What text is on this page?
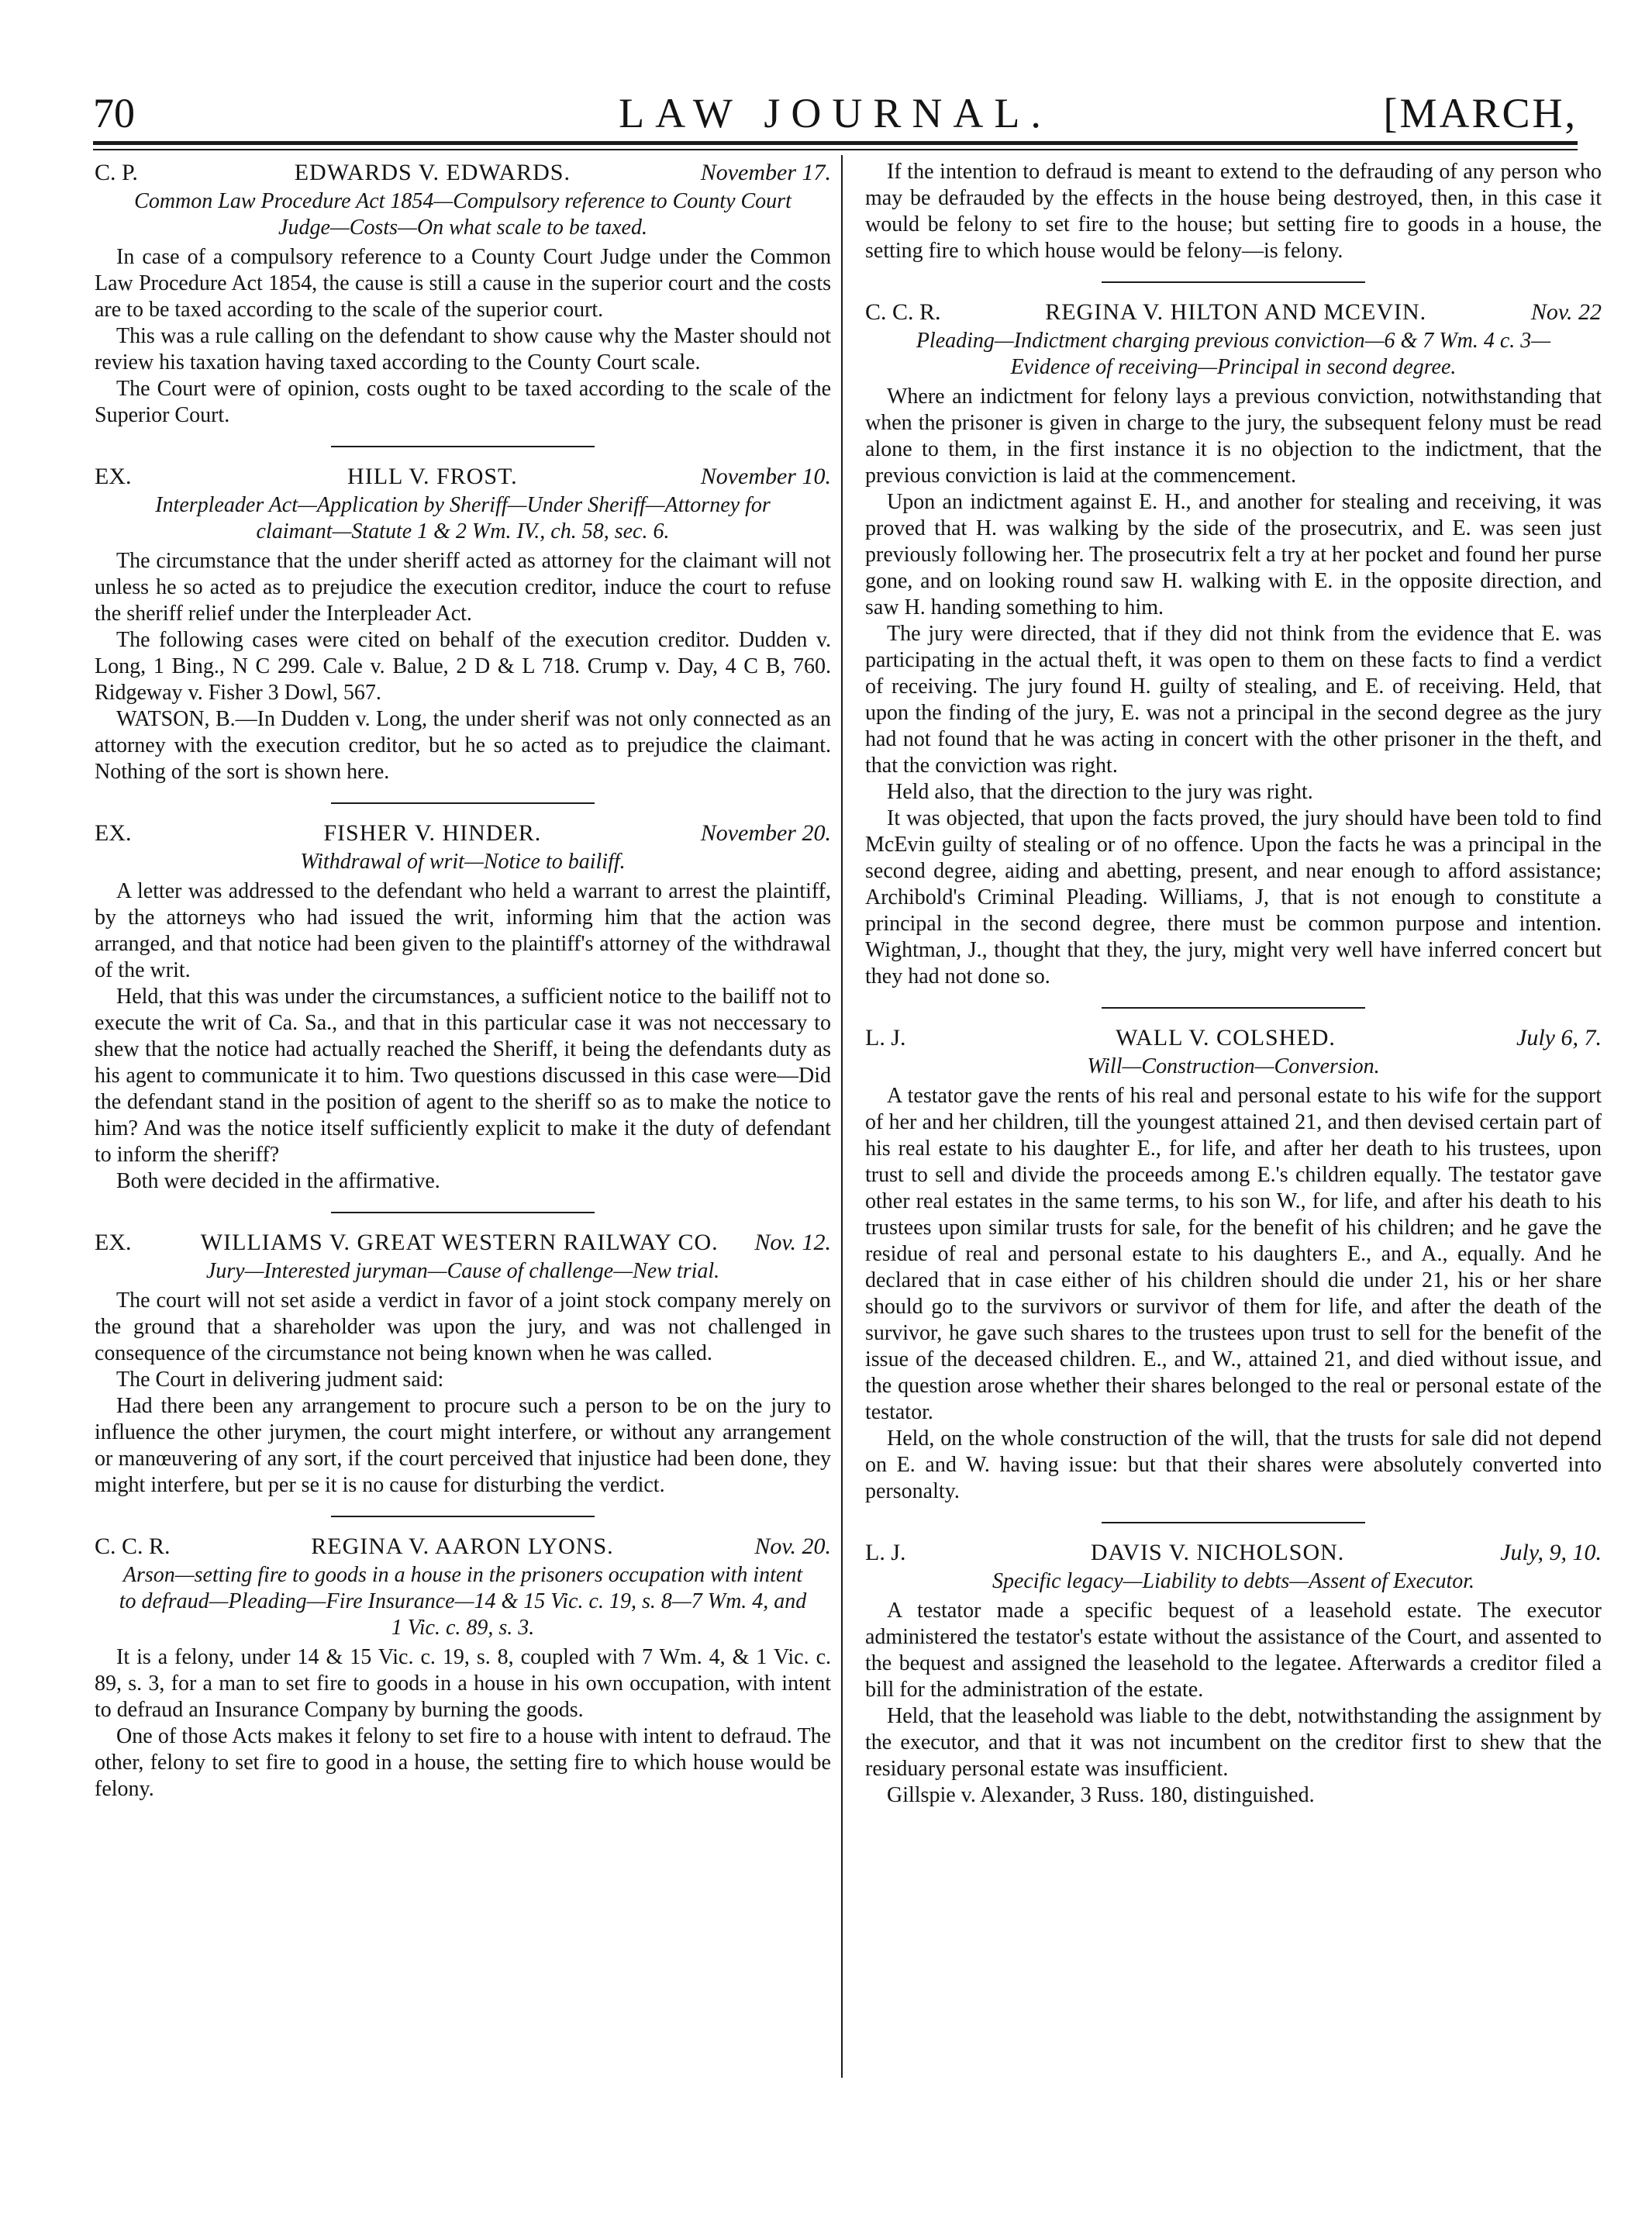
70	LAW JOURNAL.	[MARCH,
C. P.	EDWARDS V. EDWARDS.	November 17.
Common Law Procedure Act 1854—Compulsory reference to County Court Judge—Costs—On what scale to be taxed.

In case of a compulsory reference to a County Court Judge under the Common Law Procedure Act 1854, the cause is still a cause in the superior court and the costs are to be taxed according to the scale of the superior court.

This was a rule calling on the defendant to show cause why the Master should not review his taxation having taxed according to the County Court scale.

The Court were of opinion, costs ought to be taxed according to the scale of the Superior Court.

EX.	HILL V. FROST.	November 10.
Interpleader Act—Application by Sheriff—Under Sheriff—Attorney for claimant—Statute 1 & 2 Wm. IV., ch. 58, sec. 6.

The circumstance that the under sheriff acted as attorney for the claimant will not unless he so acted as to prejudice the execution creditor, induce the court to refuse the sheriff relief under the Interpleader Act.

The following cases were cited on behalf of the execution creditor. Dudden v. Long, 1 Bing., N C 299. Cale v. Balue, 2 D & L 718. Crump v. Day, 4 C B, 760. Ridgeway v. Fisher 3 Dowl, 567.

WATSON, B.—In Dudden v. Long, the under sherif was not only connected as an attorney with the execution creditor, but he so acted as to prejudice the claimant. Nothing of the sort is shown here.

EX.	FISHER V. HINDER.	November 20.
Withdrawal of writ—Notice to bailiff.

A letter was addressed to the defendant who held a warrant to arrest the plaintiff, by the attorneys who had issued the writ, informing him that the action was arranged, and that notice had been given to the plaintiff's attorney of the withdrawal of the writ.

Held, that this was under the circumstances, a sufficient notice to the bailiff not to execute the writ of Ca. Sa., and that in this particular case it was not neccessary to shew that the notice had actually reached the Sheriff, it being the defendants duty as his agent to communicate it to him. Two questions discussed in this case were—Did the defendant stand in the position of agent to the sheriff so as to make the notice to him? And was the notice itself sufficiently explicit to make it the duty of defendant to inform the sheriff?

Both were decided in the affirmative.

EX.	WILLIAMS V. GREAT WESTERN RAILWAY CO. Nov. 12.
Jury—Interested juryman—Cause of challenge—New trial.

The court will not set aside a verdict in favor of a joint stock company merely on the ground that a shareholder was upon the jury, and was not challenged in consequence of the circumstance not being known when he was called.

The Court in delivering judment said:

Had there been any arrangement to procure such a person to be on the jury to influence the other jurymen, the court might interfere, or without any arrangement or manœuvering of any sort, if the court perceived that injustice had been done, they might interfere, but per se it is no cause for disturbing the verdict.

C. C. R.	REGINA V. AARON LYONS.	Nov. 20.
Arson—setting fire to goods in a house in the prisoners occupation with intent to defraud—Pleading—Fire Insurance—14 & 15 Vic. c. 19, s. 8—7 Wm. 4, and 1 Vic. c. 89, s. 3.

It is a felony, under 14 & 15 Vic. c. 19, s. 8, coupled with 7 Wm. 4, & 1 Vic. c. 89, s. 3, for a man to set fire to goods in a house in his own occupation, with intent to defraud an Insurance Company by burning the goods.

One of those Acts makes it felony to set fire to a house with intent to defraud. The other, felony to set fire to good in a house, the setting fire to which house would be felony.

If the intention to defraud is meant to extend to the defrauding of any person who may be defrauded by the effects in the house being destroyed, then, in this case it would be felony to set fire to the house; but setting fire to goods in a house, the setting fire to which house would be felony—is felony.

C. C. R.	REGINA V. HILTON AND MCEVIN.	Nov. 22
Pleading—Indictment charging previous conviction—6 & 7 Wm. 4 c. 3—Evidence of receiving—Principal in second degree.

Where an indictment for felony lays a previous conviction, notwithstanding that when the prisoner is given in charge to the jury, the subsequent felony must be read alone to them, in the first instance it is no objection to the indictment, that the previous conviction is laid at the commencement.

Upon an indictment against E. H., and another for stealing and receiving, it was proved that H. was walking by the side of the prosecutrix, and E. was seen just previously following her. The prosecutrix felt a try at her pocket and found her purse gone, and on looking round saw H. walking with E. in the opposite direction, and saw H. handing something to him.

The jury were directed, that if they did not think from the evidence that E. was participating in the actual theft, it was open to them on these facts to find a verdict of receiving. The jury found H. guilty of stealing, and E. of receiving. Held, that upon the finding of the jury, E. was not a principal in the second degree as the jury had not found that he was acting in concert with the other prisoner in the theft, and that the conviction was right.

Held also, that the direction to the jury was right.

It was objected, that upon the facts proved, the jury should have been told to find McEvin guilty of stealing or of no offence. Upon the facts he was a principal in the second degree, aiding and abetting, present, and near enough to afford assistance; Archibold's Criminal Pleading. Williams, J, that is not enough to constitute a principal in the second degree, there must be common purpose and intention. Wightman, J., thought that they, the jury, might very well have inferred concert but they had not done so.

L. J.	WALL V. COLSHED.	July 6, 7.
Will—Construction—Conversion.

A testator gave the rents of his real and personal estate to his wife for the support of her and her children, till the youngest attained 21, and then devised certain part of his real estate to his daughter E., for life, and after her death to his trustees, upon trust to sell and divide the proceeds among E.'s children equally. The testator gave other real estates in the same terms, to his son W., for life, and after his death to his trustees upon similar trusts for sale, for the benefit of his children; and he gave the residue of real and personal estate to his daughters E., and A., equally. And he declared that in case either of his children should die under 21, his or her share should go to the survivors or survivor of them for life, and after the death of the survivor, he gave such shares to the trustees upon trust to sell for the benefit of the issue of the deceased children. E., and W., attained 21, and died without issue, and the question arose whether their shares belonged to the real or personal estate of the testator.

Held, on the whole construction of the will, that the trusts for sale did not depend on E. and W. having issue: but that their shares were absolutely converted into personalty.

L. J.	DAVIS V. NICHOLSON.	July, 9, 10.
Specific legacy—Liability to debts—Assent of Executor.

A testator made a specific bequest of a leasehold estate. The executor administered the testator's estate without the assistance of the Court, and assented to the bequest and assigned the leasehold to the legatee. Afterwards a creditor filed a bill for the administration of the estate.

Held, that the leasehold was liable to the debt, notwithstanding the assignment by the executor, and that it was not incumbent on the creditor first to shew that the residuary personal estate was insufficient.

Gillspie v. Alexander, 3 Russ. 180, distinguished.
